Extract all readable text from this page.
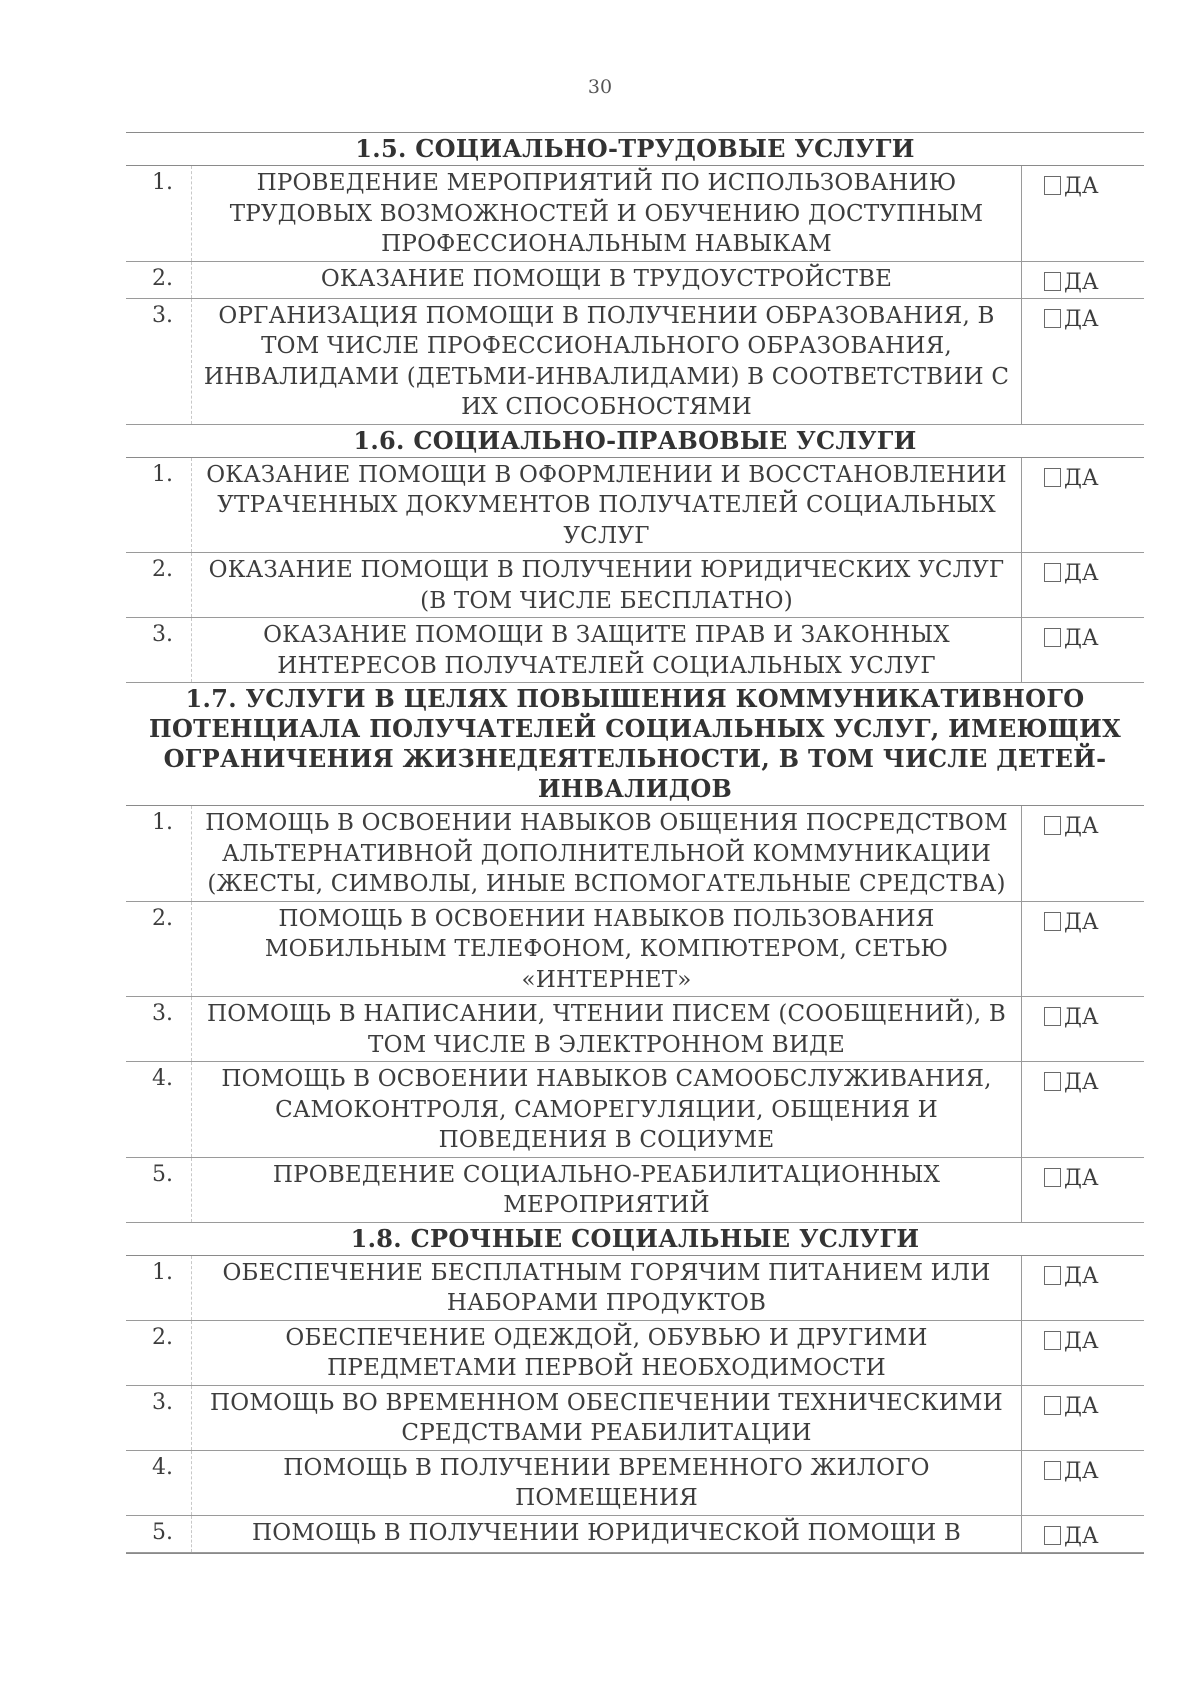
30
1.5. СОЦИАЛЬНО-ТРУДОВЫЕ УСЛУГИ
1.	ПРОВЕДЕНИЕ МЕРОПРИЯТИЙ ПО ИСПОЛЬЗОВАНИЮ ТРУДОВЫХ ВОЗМОЖНОСТЕЙ И ОБУЧЕНИЮ ДОСТУПНЫМ ПРОФЕССИОНАЛЬНЫМ НАВЫКАМ
ДА
2.	ОКАЗАНИЕ ПОМОЩИ В ТРУДОУСТРОЙСТВЕ	ДА
3.	ОРГАНИЗАЦИЯ ПОМОЩИ В ПОЛУЧЕНИИ ОБРАЗОВАНИЯ, В ТОМ ЧИСЛЕ ПРОФЕССИОНАЛЬНОГО ОБРАЗОВАНИЯ, ИНВАЛИДАМИ (ДЕТЬМИ-ИНВАЛИДАМИ) В СООТВЕТСТВИИ С ИХ СПОСОБНОСТЯМИ
ДА
1.6. СОЦИАЛЬНО-ПРАВОВЫЕ УСЛУГИ
1.	ОКАЗАНИЕ ПОМОЩИ В ОФОРМЛЕНИИ И ВОССТАНОВЛЕНИИ УТРАЧЕННЫХ ДОКУМЕНТОВ ПОЛУЧАТЕЛЕЙ СОЦИАЛЬНЫХ УСЛУГ
ДА
2.	ОКАЗАНИЕ ПОМОЩИ В ПОЛУЧЕНИИ ЮРИДИЧЕСКИХ УСЛУГ (В ТОМ ЧИСЛЕ БЕСПЛАТНО)
ДА
3.	ОКАЗАНИЕ ПОМОЩИ В ЗАЩИТЕ ПРАВ И ЗАКОННЫХ ИНТЕРЕСОВ ПОЛУЧАТЕЛЕЙ СОЦИАЛЬНЫХ УСЛУГ
ДА
1.7. УСЛУГИ В ЦЕЛЯХ ПОВЫШЕНИЯ КОММУНИКАТИВНОГО ПОТЕНЦИАЛА ПОЛУЧАТЕЛЕЙ СОЦИАЛЬНЫХ УСЛУГ, ИМЕЮЩИХ ОГРАНИЧЕНИЯ ЖИЗНЕДЕЯТЕЛЬНОСТИ, В ТОМ ЧИСЛЕ ДЕТЕЙ-ИНВАЛИДОВ
1.	ПОМОЩЬ В ОСВОЕНИИ НАВЫКОВ ОБЩЕНИЯ ПОСРЕДСТВОМ АЛЬТЕРНАТИВНОЙ ДОПОЛНИТЕЛЬНОЙ КОММУНИКАЦИИ (ЖЕСТЫ, СИМВОЛЫ, ИНЫЕ ВСПОМОГАТЕЛЬНЫЕ СРЕДСТВА)
ДА
2.	ПОМОЩЬ В ОСВОЕНИИ НАВЫКОВ ПОЛЬЗОВАНИЯ МОБИЛЬНЫМ ТЕЛЕФОНОМ, КОМПЮТЕРОМ, СЕТЬЮ «ИНТЕРНЕТ»
ДА
3.	ПОМОЩЬ В НАПИСАНИИ, ЧТЕНИИ ПИСЕМ (СООБЩЕНИЙ), В ТОМ ЧИСЛЕ В ЭЛЕКТРОННОМ ВИДЕ
ДА
4.	ПОМОЩЬ В ОСВОЕНИИ НАВЫКОВ САМООБСЛУЖИВАНИЯ, САМОКОНТРОЛЯ, САМОРЕГУЛЯЦИИ, ОБЩЕНИЯ И ПОВЕДЕНИЯ В СОЦИУМЕ
ДА
5.	ПРОВЕДЕНИЕ СОЦИАЛЬНО-РЕАБИЛИТАЦИОННЫХ МЕРОПРИЯТИЙ
ДА
1.8. СРОЧНЫЕ СОЦИАЛЬНЫЕ УСЛУГИ
1.	ОБЕСПЕЧЕНИЕ БЕСПЛАТНЫМ ГОРЯЧИМ ПИТАНИЕМ ИЛИ НАБОРАМИ ПРОДУКТОВ
ДА
2.	ОБЕСПЕЧЕНИЕ ОДЕЖДОЙ, ОБУВЬЮ И ДРУГИМИ ПРЕДМЕТАМИ ПЕРВОЙ НЕОБХОДИМОСТИ
ДА
3.	ПОМОЩЬ ВО ВРЕМЕННОМ ОБЕСПЕЧЕНИИ ТЕХНИЧЕСКИМИ СРЕДСТВАМИ РЕАБИЛИТАЦИИ
ДА
4.	ПОМОЩЬ В ПОЛУЧЕНИИ ВРЕМЕННОГО ЖИЛОГО ПОМЕЩЕНИЯ
ДА
5.	ПОМОЩЬ В ПОЛУЧЕНИИ ЮРИДИЧЕСКОЙ ПОМОЩИ В	ДА
